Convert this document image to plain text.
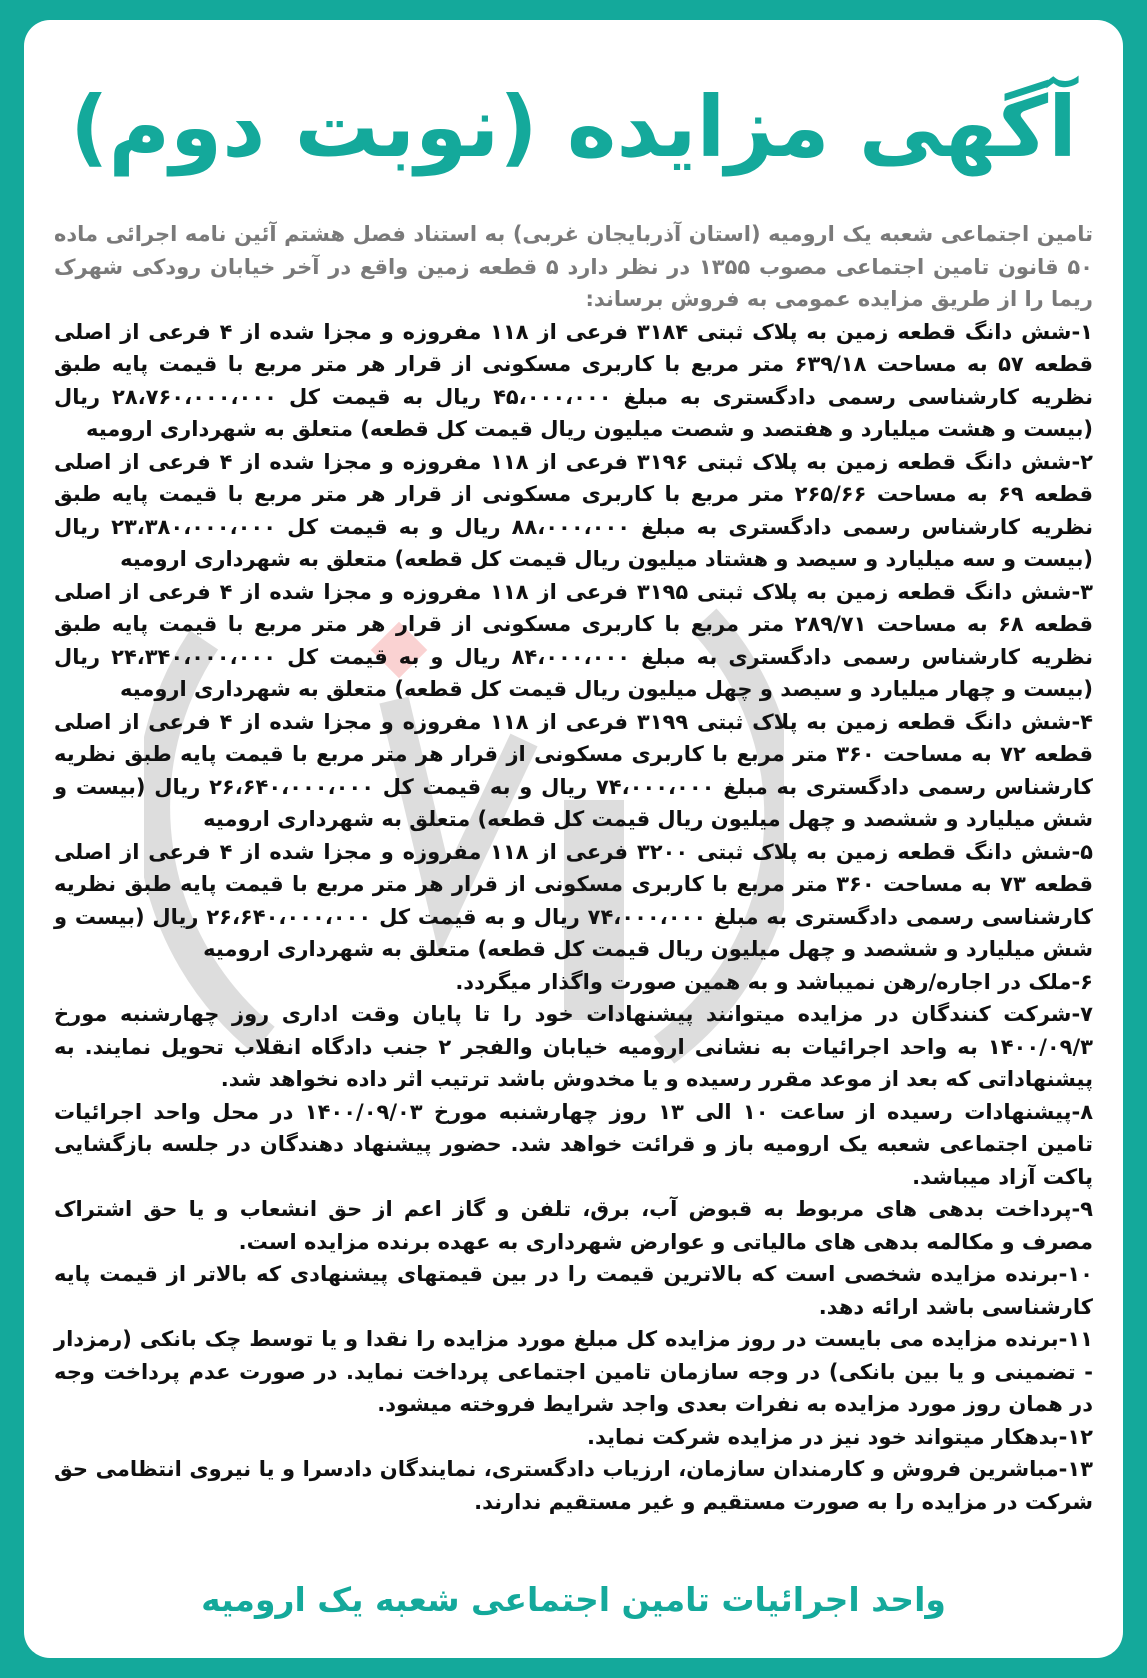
آگهی مزایده (نوبت دوم)

تامین اجتماعی شعبه یک ارومیه (استان آذربایجان غربی) به استناد فصل هشتم آئین نامه اجرائی ماده ۵۰ قانون تامین اجتماعی مصوب ۱۳۵۵ در نظر دارد ۵ قطعه زمین واقع در آخر خیابان رودکی شهرک ریما را از طریق مزایده عمومی به فروش برساند:

۱-شش دانگ قطعه زمین به پلاک ثبتی ۳۱۸۴ فرعی از ۱۱۸ مفروزه و مجزا شده از ۴ فرعی از اصلی قطعه ۵۷ به مساحت ۶۳۹/۱۸ متر مربع با کاربری مسکونی از قرار هر متر مربع با قیمت پایه طبق نظریه کارشناسی رسمی دادگستری به مبلغ ۴۵،۰۰۰،۰۰۰ ریال به قیمت کل ۲۸،۷۶۰،۰۰۰،۰۰۰ ریال (بیست و هشت میلیارد و هفتصد و شصت میلیون ریال قیمت کل قطعه) متعلق به شهرداری ارومیه

۲-شش دانگ قطعه زمین به پلاک ثبتی ۳۱۹۶ فرعی از ۱۱۸ مفروزه و مجزا شده از ۴ فرعی از اصلی قطعه ۶۹ به مساحت ۲۶۵/۶۶ متر مربع با کاربری مسکونی از قرار هر متر مربع با قیمت پایه طبق نظریه کارشناس رسمی دادگستری به مبلغ ۸۸،۰۰۰،۰۰۰ ریال و به قیمت کل ۲۳،۳۸۰،۰۰۰،۰۰۰ ریال (بیست و سه میلیارد و سیصد و هشتاد میلیون ریال قیمت کل قطعه) متعلق به شهرداری ارومیه

۳-شش دانگ قطعه زمین به پلاک ثبتی ۳۱۹۵ فرعی از ۱۱۸ مفروزه و مجزا شده از ۴ فرعی از اصلی قطعه ۶۸ به مساحت ۲۸۹/۷۱ متر مربع با کاربری مسکونی از قرار هر متر مربع با قیمت پایه طبق نظریه کارشناس رسمی دادگستری به مبلغ ۸۴،۰۰۰،۰۰۰ ریال و به قیمت کل ۲۴،۳۴۰،۰۰۰،۰۰۰ ریال (بیست و چهار میلیارد و سیصد و چهل میلیون ریال قیمت کل قطعه) متعلق به شهرداری ارومیه

۴-شش دانگ قطعه زمین به پلاک ثبتی ۳۱۹۹ فرعی از ۱۱۸ مفروزه و مجزا شده از ۴ فرعی از اصلی قطعه ۷۲ به مساحت ۳۶۰ متر مربع با کاربری مسکونی از قرار هر متر مربع با قیمت پایه طبق نظریه کارشناس رسمی دادگستری به مبلغ ۷۴،۰۰۰،۰۰۰ ریال و به قیمت کل ۲۶،۶۴۰،۰۰۰،۰۰۰ ریال (بیست و شش میلیارد و ششصد و چهل میلیون ریال قیمت کل قطعه) متعلق به شهرداری ارومیه

۵-شش دانگ قطعه زمین به پلاک ثبتی ۳۲۰۰ فرعی از ۱۱۸ مفروزه و مجزا شده از ۴ فرعی از اصلی قطعه ۷۳ به مساحت ۳۶۰ متر مربع با کاربری مسکونی از قرار هر متر مربع با قیمت پایه طبق نظریه کارشناسی رسمی دادگستری به مبلغ ۷۴،۰۰۰،۰۰۰ ریال و به قیمت کل ۲۶،۶۴۰،۰۰۰،۰۰۰ ریال (بیست و شش میلیارد و ششصد و چهل میلیون ریال قیمت کل قطعه) متعلق به شهرداری ارومیه

۶-ملک در اجاره/رهن نمیباشد و به همین صورت واگذار میگردد.

۷-شرکت کنندگان در مزایده میتوانند پیشنهادات خود را تا پایان وقت اداری روز چهارشنبه مورخ ۱۴۰۰/۰۹/۳ به واحد اجرائیات به نشانی ارومیه خیابان والفجر ۲ جنب دادگاه انقلاب تحویل نمایند. به پیشنهاداتی که بعد از موعد مقرر رسیده و یا مخدوش باشد ترتیب اثر داده نخواهد شد.

۸-پیشنهادات رسیده از ساعت ۱۰ الی ۱۳ روز چهارشنبه مورخ ۱۴۰۰/۰۹/۰۳ در محل واحد اجرائیات تامین اجتماعی شعبه یک ارومیه باز و قرائت خواهد شد. حضور پیشنهاد دهندگان در جلسه بازگشایی پاکت آزاد میباشد.

۹-پرداخت بدهی های مربوط به قبوض آب، برق، تلفن و گاز اعم از حق انشعاب و یا حق اشتراک مصرف و مکالمه بدهی های مالیاتی و عوارض شهرداری به عهده برنده مزایده است.

۱۰-برنده مزایده شخصی است که بالاترین قیمت را در بین قیمتهای پیشنهادی که بالاتر از قیمت پایه کارشناسی باشد ارائه دهد.

۱۱-برنده مزایده می بایست در روز مزایده کل مبلغ مورد مزایده را نقدا و یا توسط چک بانکی (رمزدار - تضمینی و یا بین بانکی) در وجه سازمان تامین اجتماعی پرداخت نماید. در صورت عدم پرداخت وجه در همان روز مورد مزایده به نفرات بعدی واجد شرایط فروخته میشود.

۱۲-بدهکار میتواند خود نیز در مزایده شرکت نماید.

۱۳-مباشرین فروش و کارمندان سازمان، ارزیاب دادگستری، نمایندگان دادسرا و یا نیروی انتظامی حق شرکت در مزایده را به صورت مستقیم و غیر مستقیم ندارند.

واحد اجرائیات تامین اجتماعی شعبه یک ارومیه
